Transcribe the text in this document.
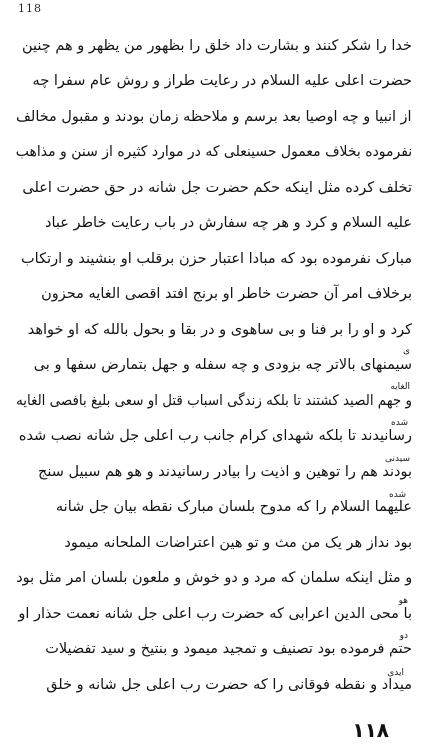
118
خدا را شکر کنند و بشارت داد خلق را بظهور من یظهر و هم چنین
حضرت اعلی علیه السلام در رعایت طراز و روش عام سفرا چه
از انبیا و چه اوصیا بعد برسم و ملاحظه زمان بودند و مقبول مخالف
نفرموده بخلاف معمول حسینعلی که در موارد کثیره از سنن و مذاهب
تخلف کرده مثل اینکه حکم حضرت جل شانه در حق حضرت اعلی
علیه السلام و کرد و هر چه سفارش در باب رعایت خاطر عباد
مبارک نفرموده بود که مبادا اعتبار حزن برقلب او بنشیند و ارتکاب
برخلاف امر آن حضرت خاطر او برنج افتد اقصی الغایه محزون
کرد و او را بر فنا و بی ساهوی و در بقا و بحول بالله که او خواهد
سیمنهای بالاتر چه بزودی و چه سفله و جهل بتمارض سفها و بی
و جهم الصید کشتند تا بلکه زندگی اسباب قتل او سعی بلیغ بافصی الغایه
رسانیدند تا بلکه شهدای کرام جانب رب اعلی جل شانه نصب شده
بودند هم را توهین و اذیت را بیادر رسانیدند و هو هم سبیل سنج
علیهما السلام را که مدوح بلسان مبارک نقطه بیان جل شانه
بود نداز هر یک من مث و تو هین اعتراضات الملحانه میمود
و مثل اینکه سلمان که مرد و دو خوش و ملعون بلسان امر مثل بود
با محی الدین اعرابی که حضرت رب اعلی جل شانه نعمت حذار او
حتم فرموده بود تصنیف و تمجید میمود و بنتیخ و سید تفضیلات
میداد و نقطه فوقانی را که حضرت رب اعلی جل شانه و خلق
ی
الغایه
شده
سیدنی
شده
هو
ایدی
دو
١١٨
